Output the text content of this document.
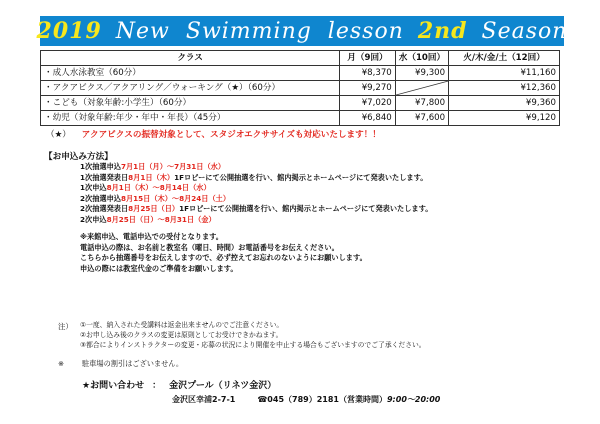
2019 New  Swimming  lesson 2nd Season
クラス	月（9回）	水（10回）	火/木/金/土（12回）
・成人水泳教室（60分）	¥8,370	¥9,300	¥11,160
・アクアビクス／アクアリング／ウォーキング（★）（60分）	¥9,270		¥12,360
・こども（対象年齢:小学生）（60分）	¥7,020	¥7,800	¥9,360
・幼児（対象年齢:年少・年中・年長）（45分）	¥6,840	¥7,600	¥9,120
（★） アクアビクスの振替対象として、スタジオエクササイズも対応いたします！！
【お申込み方法】
1次抽選申込7月1日（月）～7月31日（水）
1次抽選発表日8月1日（木）1Fロビーにて公開抽選を行い、館内掲示とホームページにて発表いたします。
1次申込8月1日（木）～8月14日（水）
2次抽選申込8月15日（木）～8月24日（土）
2次抽選発表日8月25日（日）1Fロビーにて公開抽選を行い、館内掲示とホームページにて発表いたします。
2次申込8月25日（日）～8月31日（金）
※来館申込、電話申込での受付となります。
電話申込の際は、お名前と教室名（曜日、時間）お電話番号をお伝えください。
こちらから抽選番号をお伝えしますので、必ず控えてお忘れのないようにお願いします。
申込の際には教室代金のご準備をお願いします。
注） ①一度、納入された受講料は返金出来ませんのでご注意ください。
②お申し込み後のクラスの変更は原則としてお受けできかねます。
③都合によりインストラクターの変更・応募の状況により開催を中止する場合もございますのでご了承ください。
※	駐車場の割引はございません。
★お問い合わせ ： 金沢プール（リネツ金沢）
金沢区幸浦2-7-1	☎045（789）2181（営業時間）9:00～20:00
